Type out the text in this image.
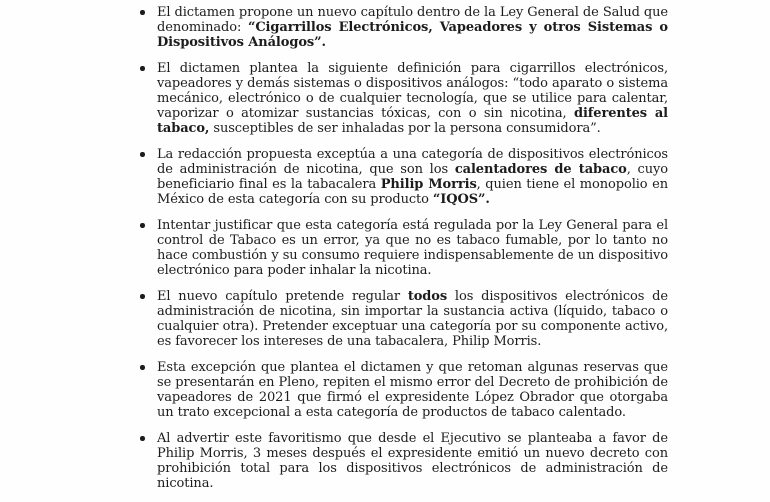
El dictamen propone un nuevo capítulo dentro de la Ley General de Salud que denominado: “Cigarrillos Electrónicos, Vapeadores y otros Sistemas o Dispositivos Análogos”.
El dictamen plantea la siguiente definición para cigarrillos electrónicos, vapeadores y demás sistemas o dispositivos análogos: “todo aparato o sistema mecánico, electrónico o de cualquier tecnología, que se utilice para calentar, vaporizar o atomizar sustancias tóxicas, con o sin nicotina, diferentes al tabaco, susceptibles de ser inhaladas por la persona consumidora”.
La redacción propuesta exceptúa a una categoría de dispositivos electrónicos de administración de nicotina, que son los calentadores de tabaco, cuyo beneficiario final es la tabacalera Philip Morris, quien tiene el monopolio en México de esta categoría con su producto “IQOS”.
Intentar justificar que esta categoría está regulada por la Ley General para el control de Tabaco es un error, ya que no es tabaco fumable, por lo tanto no hace combustión y su consumo requiere indispensablemente de un dispositivo electrónico para poder inhalar la nicotina.
El nuevo capítulo pretende regular todos los dispositivos electrónicos de administración de nicotina, sin importar la sustancia activa (líquido, tabaco o cualquier otra). Pretender exceptuar una categoría por su componente activo, es favorecer los intereses de una tabacalera, Philip Morris.
Esta excepción que plantea el dictamen y que retoman algunas reservas que se presentarán en Pleno, repiten el mismo error del Decreto de prohibición de vapeadores de 2021 que firmó el expresidente López Obrador que otorgaba un trato excepcional a esta categoría de productos de tabaco calentado.
Al advertir este favoritismo que desde el Ejecutivo se planteaba a favor de Philip Morris, 3 meses después el expresidente emitió un nuevo decreto con prohibición total para los dispositivos electrónicos de administración de nicotina.
